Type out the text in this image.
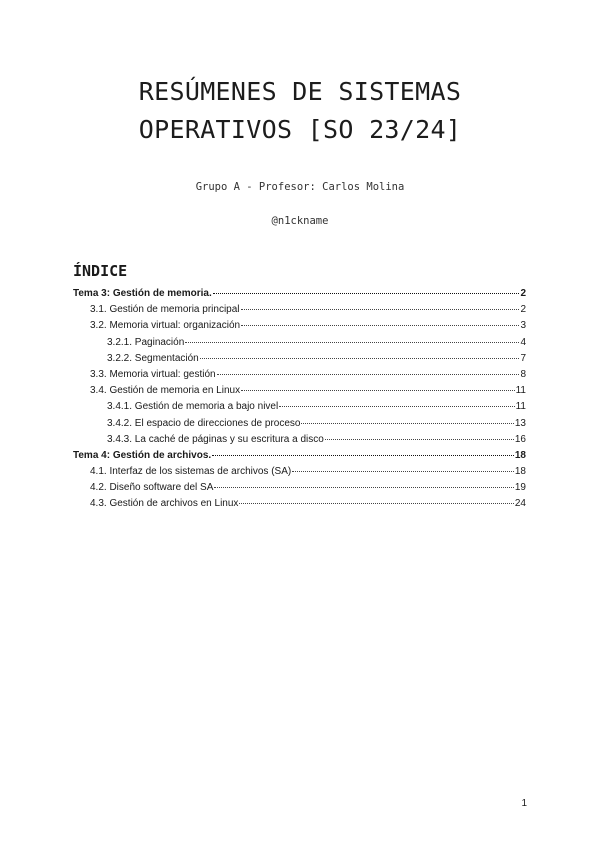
RESÚMENES DE SISTEMAS
OPERATIVOS [SO 23/24]
Grupo A - Profesor: Carlos Molina
@n1ckname
ÍNDICE
Tema 3: Gestión de memoria.	2
3.1. Gestión de memoria principal	2
3.2. Memoria virtual: organización	3
3.2.1. Paginación	4
3.2.2. Segmentación	7
3.3. Memoria virtual: gestión	8
3.4. Gestión de memoria en Linux	11
3.4.1. Gestión de memoria a bajo nivel	11
3.4.2. El espacio de direcciones de proceso	13
3.4.3. La caché de páginas y su escritura a disco	16
Tema 4: Gestión de archivos.	18
4.1. Interfaz de los sistemas de archivos (SA)	18
4.2. Diseño software del SA	19
4.3. Gestión de archivos en Linux	24
1
